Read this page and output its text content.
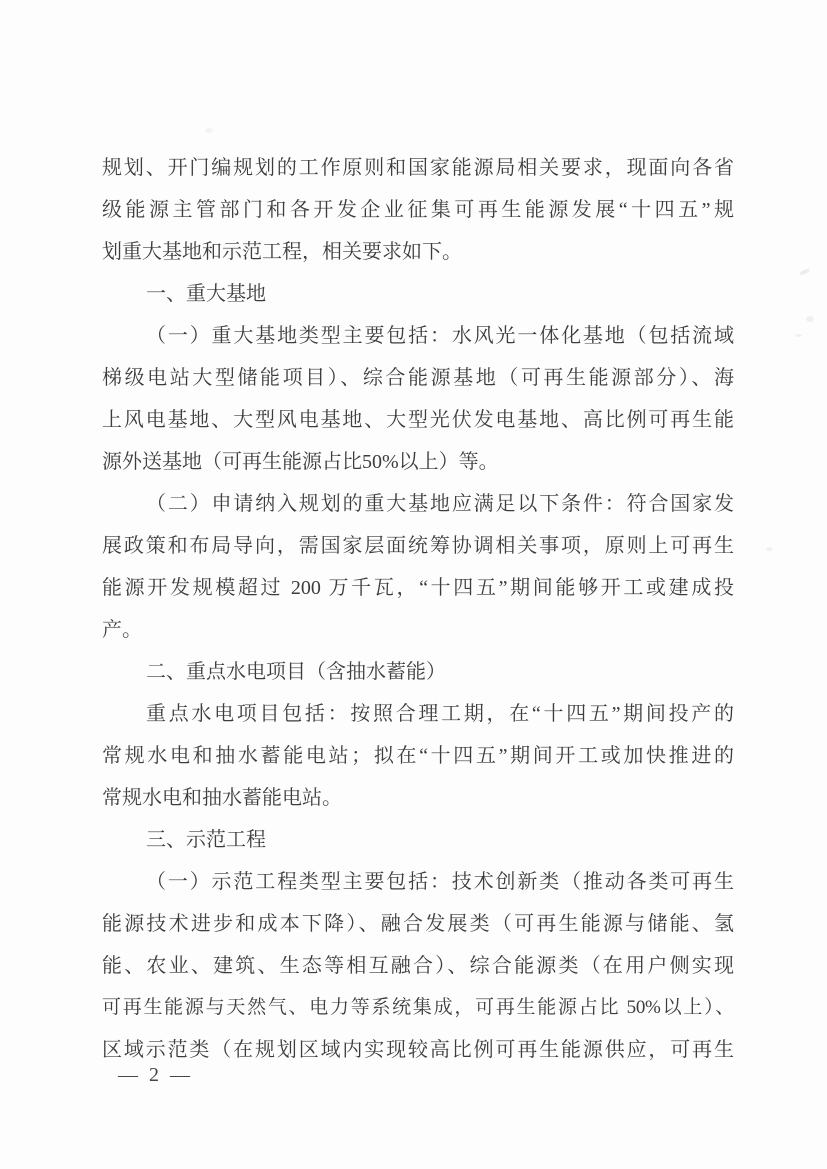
规划、开门编规划的工作原则和国家能源局相关要求，现面向各省
级能源主管部门和各开发企业征集可再生能源发展“十四五”规
划重大基地和示范工程，相关要求如下。
一、重大基地
（一）重大基地类型主要包括：水风光一体化基地（包括流域
梯级电站大型储能项目）、综合能源基地（可再生能源部分）、海
上风电基地、大型风电基地、大型光伏发电基地、高比例可再生能
源外送基地（可再生能源占比50%以上）等。
（二）申请纳入规划的重大基地应满足以下条件：符合国家发
展政策和布局导向，需国家层面统筹协调相关事项，原则上可再生
能源开发规模超过 200 万千瓦，“十四五”期间能够开工或建成投
产。
二、重点水电项目（含抽水蓄能）
重点水电项目包括：按照合理工期，在“十四五”期间投产的
常规水电和抽水蓄能电站；拟在“十四五”期间开工或加快推进的
常规水电和抽水蓄能电站。
三、示范工程
（一）示范工程类型主要包括：技术创新类（推动各类可再生
能源技术进步和成本下降）、融合发展类（可再生能源与储能、氢
能、农业、建筑、生态等相互融合）、综合能源类（在用户侧实现
可再生能源与天然气、电力等系统集成，可再生能源占比 50%以上）、
区域示范类（在规划区域内实现较高比例可再生能源供应，可再生
— 2 —
